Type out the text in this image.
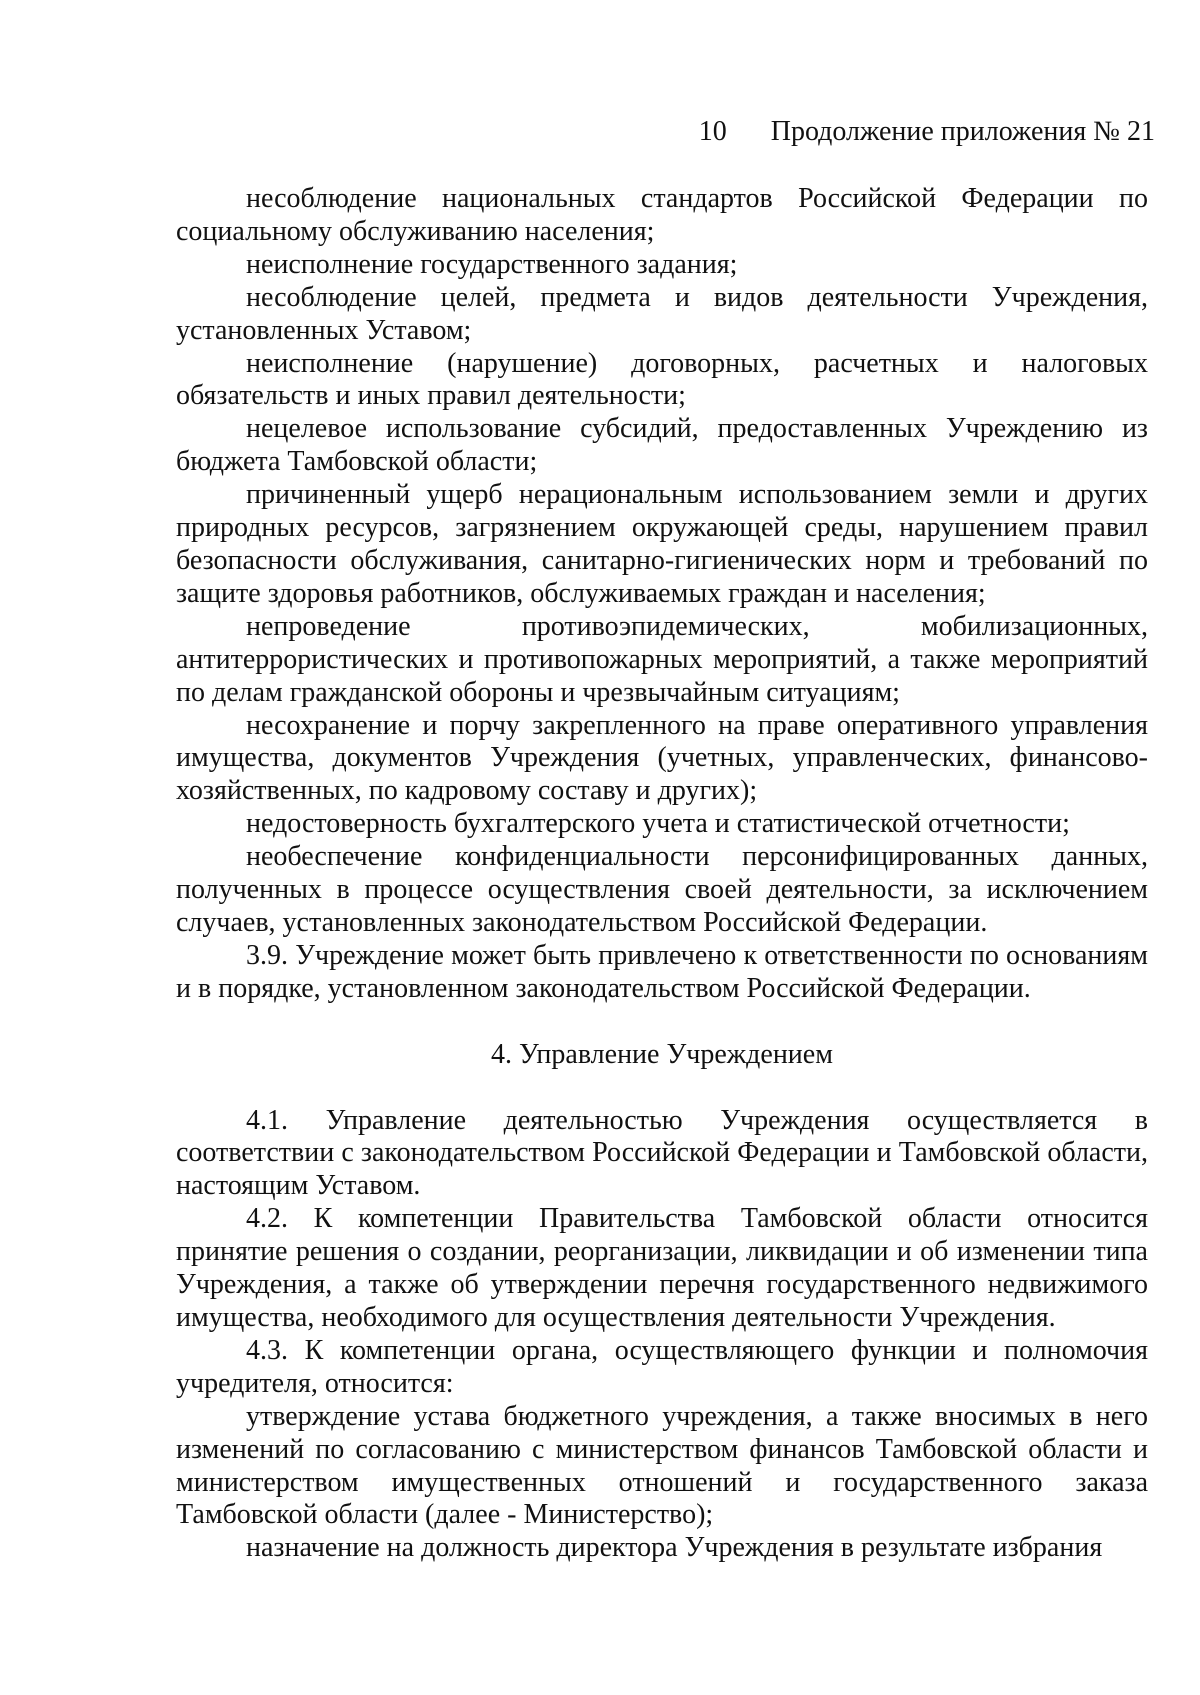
10 Продолжение приложения № 21

несоблюдение национальных стандартов Российской Федерации по социальному обслуживанию населения;

неисполнение государственного задания;

несоблюдение целей, предмета и видов деятельности Учреждения, установленных Уставом;

неисполнение (нарушение) договорных, расчетных и налоговых обязательств и иных правил деятельности;

нецелевое использование субсидий, предоставленных Учреждению из бюджета Тамбовской области;

причиненный ущерб нерациональным использованием земли и других природных ресурсов, загрязнением окружающей среды, нарушением правил безопасности обслуживания, санитарно-гигиенических норм и требований по защите здоровья работников, обслуживаемых граждан и населения;

непроведение противоэпидемических, мобилизационных, антитеррористических и противопожарных мероприятий, а также мероприятий по делам гражданской обороны и чрезвычайным ситуациям;

несохранение и порчу закрепленного на праве оперативного управления имущества, документов Учреждения (учетных, управленческих, финансово-хозяйственных, по кадровому составу и других);

недостоверность бухгалтерского учета и статистической отчетности;

необеспечение конфиденциальности персонифицированных данных, полученных в процессе осуществления своей деятельности, за исключением случаев, установленных законодательством Российской Федерации.

3.9. Учреждение может быть привлечено к ответственности по основаниям и в порядке, установленном законодательством Российской Федерации.

4. Управление Учреждением

4.1. Управление деятельностью Учреждения осуществляется в соответствии с законодательством Российской Федерации и Тамбовской области, настоящим Уставом.

4.2. К компетенции Правительства Тамбовской области относится принятие решения о создании, реорганизации, ликвидации и об изменении типа Учреждения, а также об утверждении перечня государственного недвижимого имущества, необходимого для осуществления деятельности Учреждения.

4.3. К компетенции органа, осуществляющего функции и полномочия учредителя, относится:

утверждение устава бюджетного учреждения, а также вносимых в него изменений по согласованию с министерством финансов Тамбовской области и министерством имущественных отношений и государственного заказа Тамбовской области (далее - Министерство);

назначение на должность директора Учреждения в результате избрания
